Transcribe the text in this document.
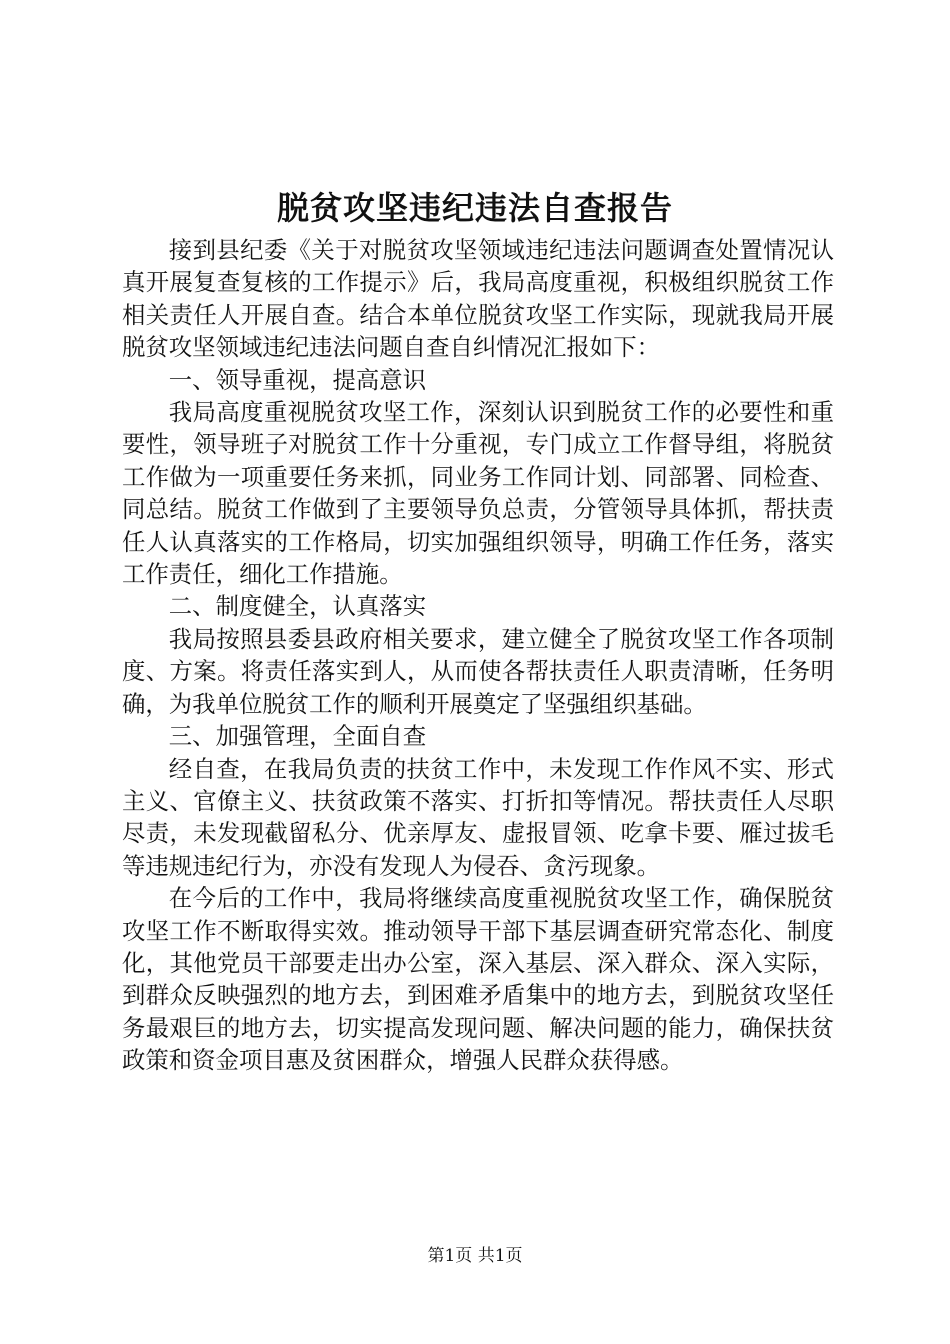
脱贫攻坚违纪违法自查报告

接到县纪委《关于对脱贫攻坚领域违纪违法问题调查处置情况认真开展复查复核的工作提示》后，我局高度重视，积极组织脱贫工作相关责任人开展自查。结合本单位脱贫攻坚工作实际，现就我局开展脱贫攻坚领域违纪违法问题自查自纠情况汇报如下：

一、领导重视，提高意识

我局高度重视脱贫攻坚工作，深刻认识到脱贫工作的必要性和重要性，领导班子对脱贫工作十分重视，专门成立工作督导组，将脱贫工作做为一项重要任务来抓，同业务工作同计划、同部署、同检查、同总结。脱贫工作做到了主要领导负总责，分管领导具体抓，帮扶责任人认真落实的工作格局，切实加强组织领导，明确工作任务，落实工作责任，细化工作措施。

二、制度健全，认真落实

我局按照县委县政府相关要求，建立健全了脱贫攻坚工作各项制度、方案。将责任落实到人，从而使各帮扶责任人职责清晰，任务明确，为我单位脱贫工作的顺利开展奠定了坚强组织基础。

三、加强管理，全面自查

经自查，在我局负责的扶贫工作中，未发现工作作风不实、形式主义、官僚主义、扶贫政策不落实、打折扣等情况。帮扶责任人尽职尽责，未发现截留私分、优亲厚友、虚报冒领、吃拿卡要、雁过拔毛等违规违纪行为，亦没有发现人为侵吞、贪污现象。

在今后的工作中，我局将继续高度重视脱贫攻坚工作，确保脱贫攻坚工作不断取得实效。推动领导干部下基层调查研究常态化、制度化，其他党员干部要走出办公室，深入基层、深入群众、深入实际，到群众反映强烈的地方去，到困难矛盾集中的地方去，到脱贫攻坚任务最艰巨的地方去，切实提高发现问题、解决问题的能力，确保扶贫政策和资金项目惠及贫困群众，增强人民群众获得感。

第1页 共1页
